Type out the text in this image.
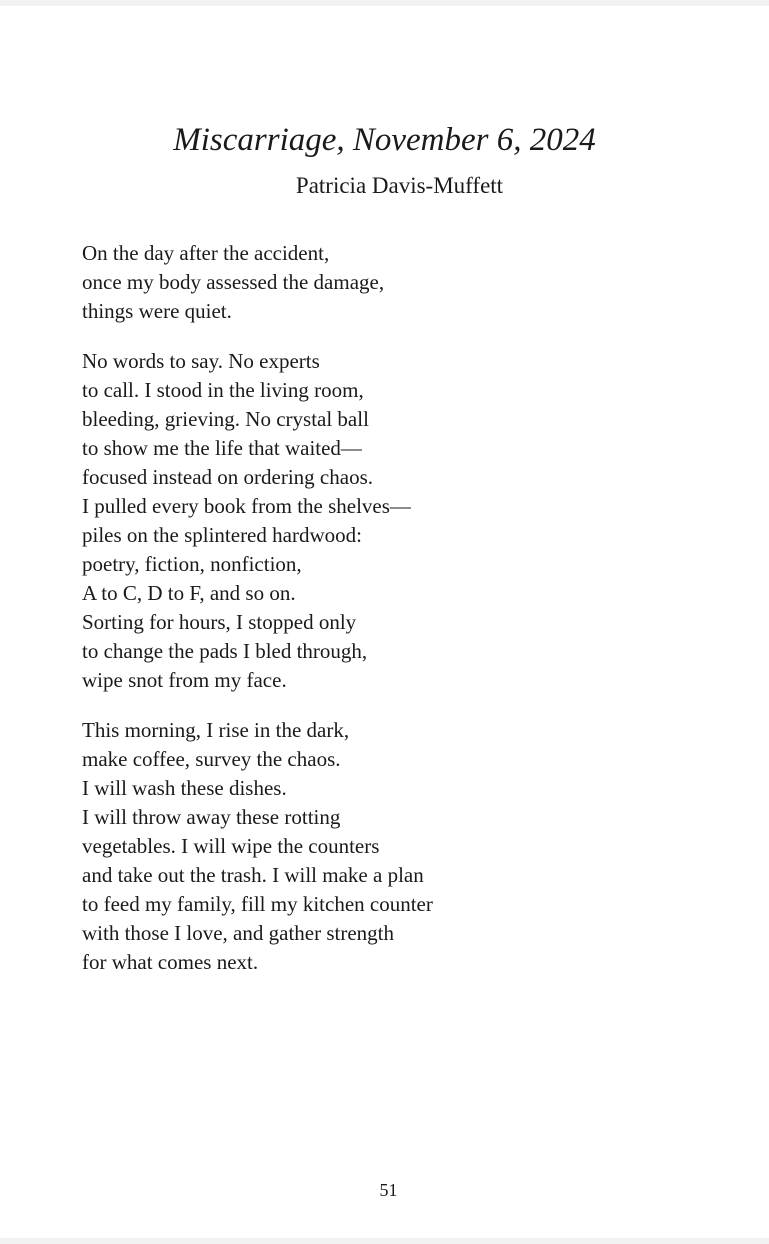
Miscarriage, November 6, 2024
Patricia Davis-Muffett
On the day after the accident,
once my body assessed the damage,
things were quiet.
No words to say. No experts
to call. I stood in the living room,
bleeding, grieving. No crystal ball
to show me the life that waited—
focused instead on ordering chaos.
I pulled every book from the shelves—
piles on the splintered hardwood:
poetry, fiction, nonfiction,
A to C, D to F, and so on.
Sorting for hours, I stopped only
to change the pads I bled through,
wipe snot from my face.
This morning, I rise in the dark,
make coffee, survey the chaos.
I will wash these dishes.
I will throw away these rotting
vegetables. I will wipe the counters
and take out the trash. I will make a plan
to feed my family, fill my kitchen counter
with those I love, and gather strength
for what comes next.
51
